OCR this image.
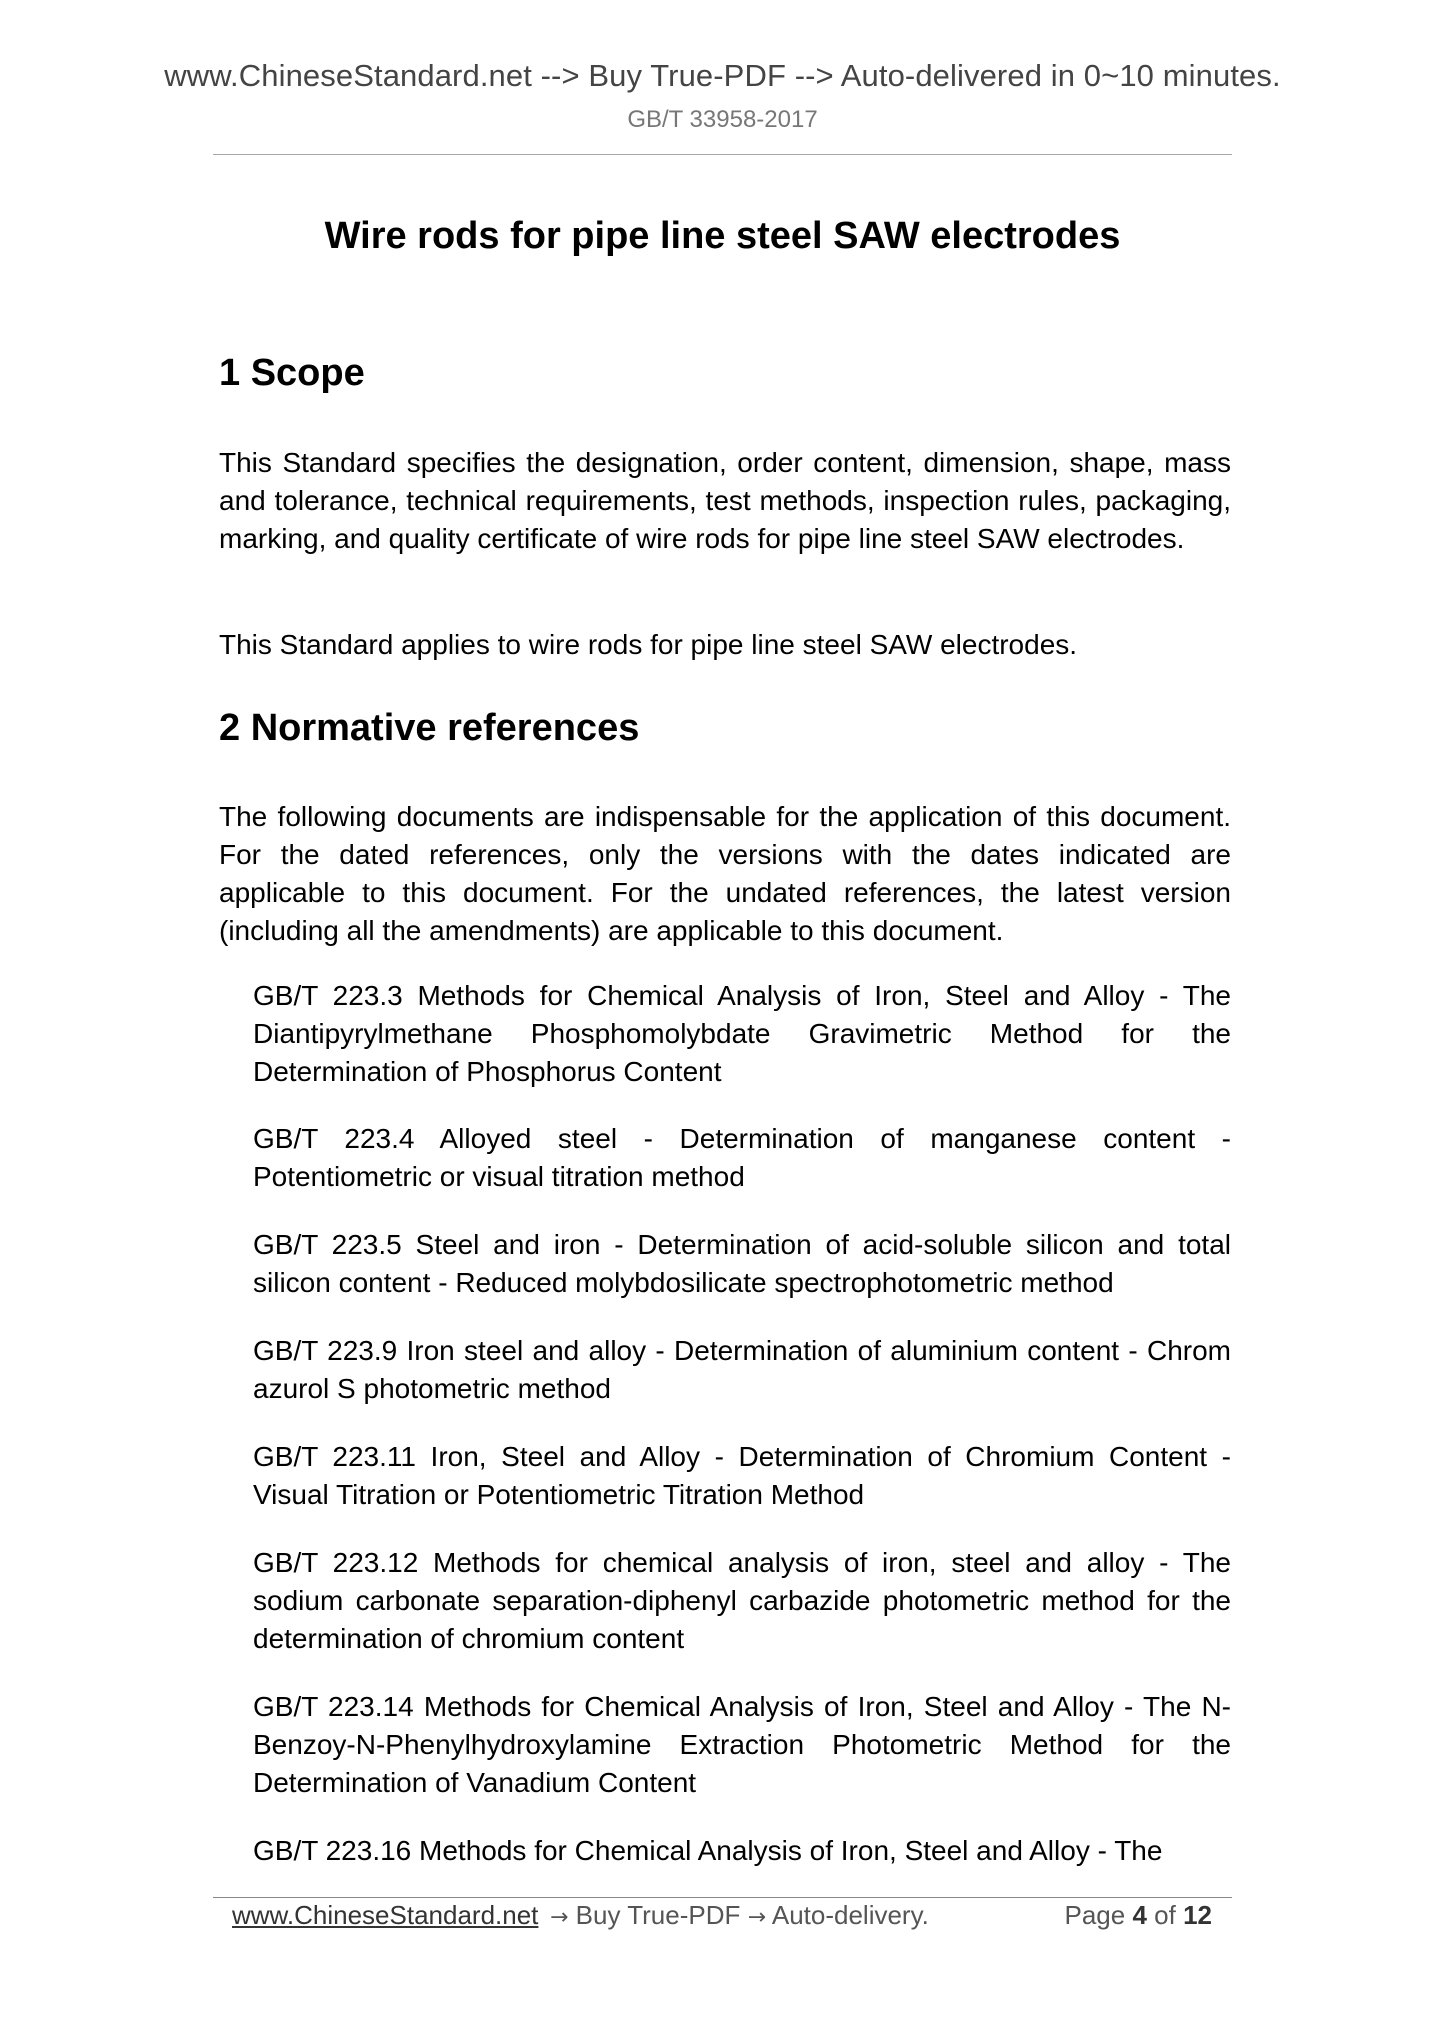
www.ChineseStandard.net --> Buy True-PDF --> Auto-delivered in 0~10 minutes.
GB/T 33958-2017
Wire rods for pipe line steel SAW electrodes
1 Scope

This Standard specifies the designation, order content, dimension, shape, mass and tolerance, technical requirements, test methods, inspection rules, packaging, marking, and quality certificate of wire rods for pipe line steel SAW electrodes.

This Standard applies to wire rods for pipe line steel SAW electrodes.

2 Normative references

The following documents are indispensable for the application of this document. For the dated references, only the versions with the dates indicated are applicable to this document. For the undated references, the latest version (including all the amendments) are applicable to this document.

GB/T 223.3 Methods for Chemical Analysis of Iron, Steel and Alloy - The Diantipyrylmethane Phosphomolybdate Gravimetric Method for the Determination of Phosphorus Content

GB/T 223.4 Alloyed steel - Determination of manganese content - Potentiometric or visual titration method

GB/T 223.5 Steel and iron - Determination of acid-soluble silicon and total silicon content - Reduced molybdosilicate spectrophotometric method

GB/T 223.9 Iron steel and alloy - Determination of aluminium content - Chrom azurol S photometric method

GB/T 223.11 Iron, Steel and Alloy - Determination of Chromium Content - Visual Titration or Potentiometric Titration Method

GB/T 223.12 Methods for chemical analysis of iron, steel and alloy - The sodium carbonate separation-diphenyl carbazide photometric method for the determination of chromium content

GB/T 223.14 Methods for Chemical Analysis of Iron, Steel and Alloy - The N-Benzoy-N-Phenylhydroxylamine Extraction Photometric Method for the Determination of Vanadium Content

GB/T 223.16 Methods for Chemical Analysis of Iron, Steel and Alloy - The

www.ChineseStandard.net → Buy True-PDF → Auto-delivery.	Page 4 of 12
